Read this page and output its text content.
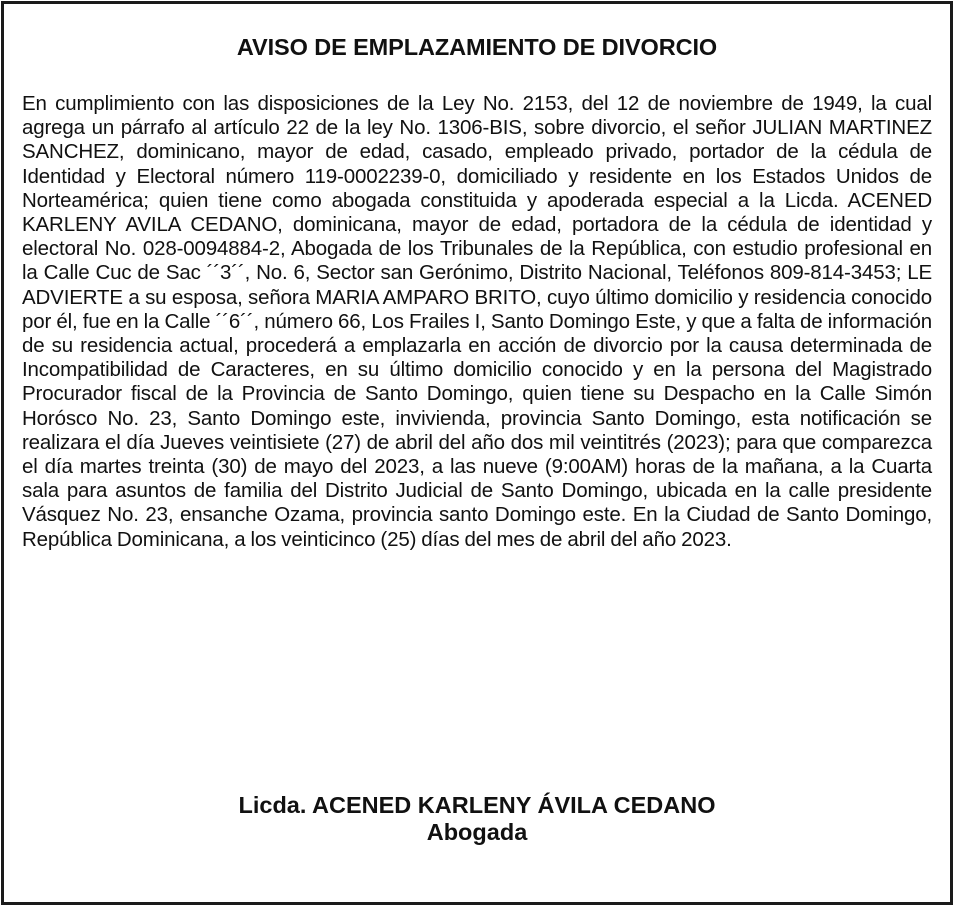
AVISO DE EMPLAZAMIENTO DE DIVORCIO

En cumplimiento con las disposiciones de la Ley No. 2153, del 12 de noviembre de 1949, la cual agrega un párrafo al artículo 22 de la ley No. 1306-BIS, sobre divorcio, el señor JULIAN MARTINEZ SANCHEZ, dominicano, mayor de edad, casado, empleado privado, portador de la cédula de Identidad y Electoral número 119-0002239-0, domiciliado y residente en los Estados Unidos de Norteamérica; quien tiene como abogada constituida y apoderada especial a la Licda. ACENED KARLENY AVILA CEDANO, dominicana, mayor de edad, portadora de la cédula de identidad y electoral No. 028-0094884-2, Abogada de los Tribunales de la República, con estudio profesional en la Calle Cuc de Sac ´´3´´, No. 6, Sector san Gerónimo, Distrito Nacional, Teléfonos 809-814-3453; LE ADVIERTE a su esposa, señora MARIA AMPARO BRITO, cuyo último domicilio y residencia conocido por él, fue en la Calle ´´6´´, número 66, Los Frailes I, Santo Domingo Este, y que a falta de información de su residencia actual, procederá a emplazarla en acción de divorcio por la causa determinada de Incompatibilidad de Caracteres, en su último domicilio conocido y en la persona del Magistrado Procurador fiscal de la Provincia de Santo Domingo, quien tiene su Despacho en la Calle Simón Horósco No. 23, Santo Domingo este, invivienda, provincia Santo Domingo, esta notificación se realizara el día Jueves veintisiete (27) de abril del año dos mil veintitrés (2023); para que comparezca el día martes treinta (30) de mayo del 2023, a las nueve (9:00AM) horas de la mañana, a la Cuarta sala para asuntos de familia del Distrito Judicial de Santo Domingo, ubicada en la calle presidente Vásquez No. 23, ensanche Ozama, provincia santo Domingo este. En la Ciudad de Santo Domingo, República Dominicana, a los veinticinco (25) días del mes de abril del año 2023.

Licda. ACENED KARLENY ÁVILA CEDANO
Abogada
